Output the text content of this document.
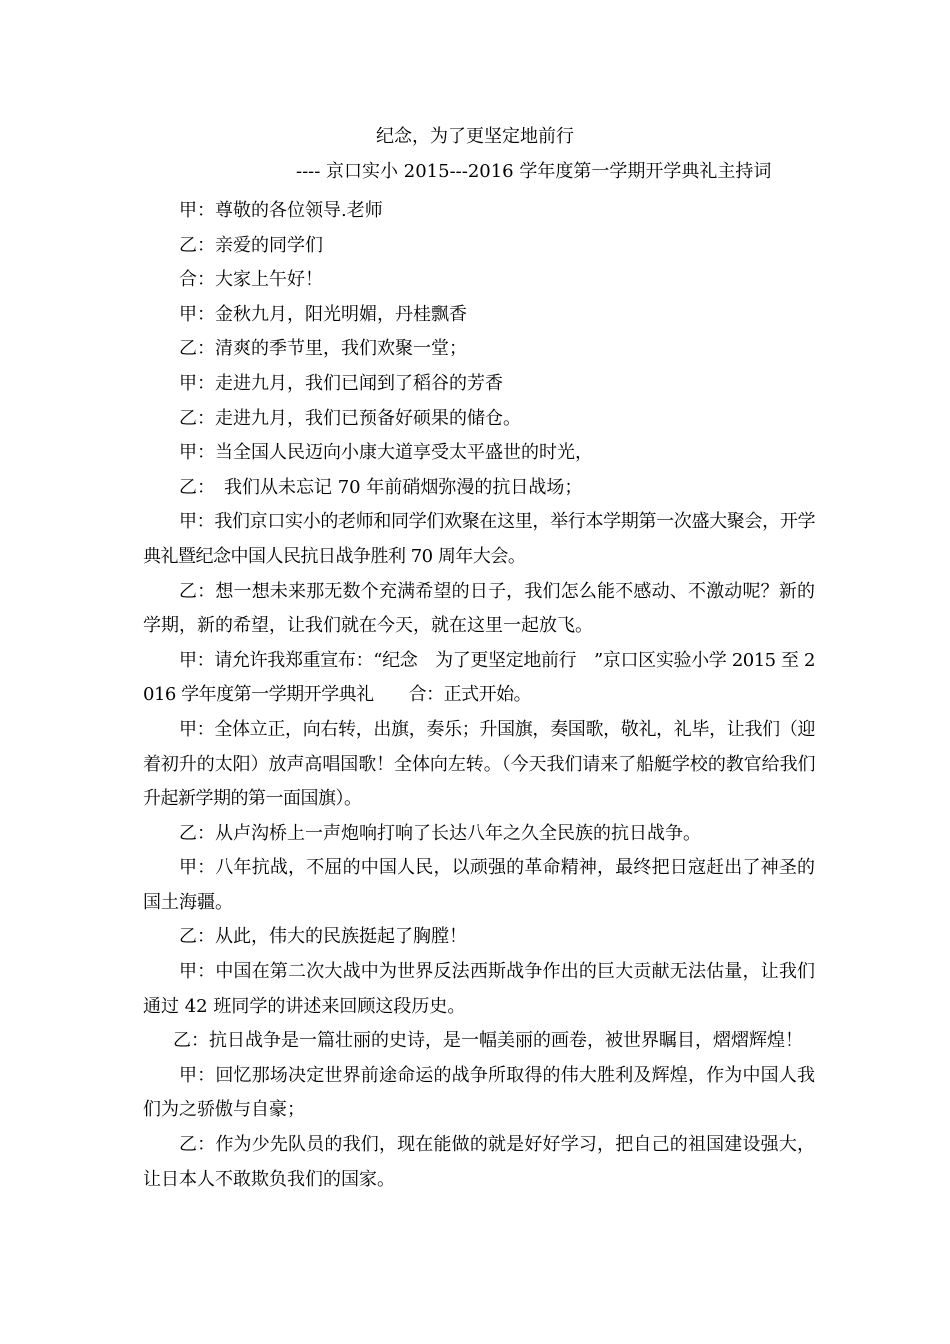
纪念，为了更坚定地前行
---- 京口实小 2015---2016 学年度第一学期开学典礼主持词

甲：尊敬的各位领导.老师

乙：亲爱的同学们

合：大家上午好！

甲：金秋九月，阳光明媚，丹桂飘香

乙：清爽的季节里，我们欢聚一堂；

甲：走进九月，我们已闻到了稻谷的芳香

乙：走进九月，我们已预备好硕果的储仓。

甲：当全国人民迈向小康大道享受太平盛世的时光，

乙：　我们从未忘记 70 年前硝烟弥漫的抗日战场；

甲：我们京口实小的老师和同学们欢聚在这里，举行本学期第一次盛大聚会，开学典礼暨纪念中国人民抗日战争胜利 70 周年大会。

乙：想一想未来那无数个充满希望的日子，我们怎么能不感动、不激动呢？新的学期，新的希望，让我们就在今天，就在这里一起放飞。

甲：请允许我郑重宣布：“纪念　为了更坚定地前行　”京口区实验小学 2015 至 2016 学年度第一学期开学典礼　　合：正式开始。

甲：全体立正，向右转，出旗，奏乐；升国旗，奏国歌，敬礼，礼毕，让我们（迎着初升的太阳）放声高唱国歌！全体向左转。（今天我们请来了船艇学校的教官给我们升起新学期的第一面国旗）。

乙：从卢沟桥上一声炮响打响了长达八年之久全民族的抗日战争。

甲：八年抗战，不屈的中国人民，以顽强的革命精神，最终把日寇赶出了神圣的国土海疆。

乙：从此，伟大的民族挺起了胸膛！

甲：中国在第二次大战中为世界反法西斯战争作出的巨大贡献无法估量，让我们通过 42 班同学的讲述来回顾这段历史。

乙：抗日战争是一篇壮丽的史诗，是一幅美丽的画卷，被世界瞩目，熠熠辉煌！

甲：回忆那场决定世界前途命运的战争所取得的伟大胜利及辉煌，作为中国人我们为之骄傲与自豪；

乙：作为少先队员的我们，现在能做的就是好好学习，把自己的祖国建设强大，让日本人不敢欺负我们的国家。
